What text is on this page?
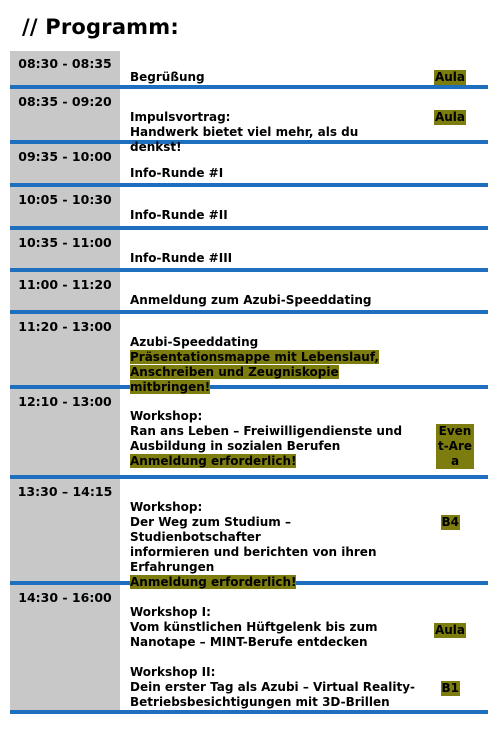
// Programm:
08:30 - 08:35
Begrüßung	Aula
08:35 - 09:20
Impulsvortrag:
Handwerk bietet viel mehr, als du denkst!
Aula
09:35 - 10:00
Info-Runde #I
10:05 - 10:30
Info-Runde #II
10:35 - 11:00
Info-Runde #III
11:00 - 11:20
Anmeldung zum Azubi-Speeddating
11:20 - 13:00
Azubi-Speeddating
Präsentationsmappe mit Lebenslauf,
Anschreiben und Zeugniskopie mitbringen!
12:10 - 13:00
Workshop:
Ran ans Leben – Freiwilligendienste und
Ausbildung in sozialen Berufen
Anmeldung erforderlich!
Event-Area
13:30 – 14:15
Workshop:
Der Weg zum Studium – Studienbotschafter
informieren und berichten von ihren
Erfahrungen
Anmeldung erforderlich!
B4
14:30 - 16:00
Workshop I:
Vom künstlichen Hüftgelenk bis zum
Nanotape – MINT-Berufe entdecken
Workshop II:
Dein erster Tag als Azubi – Virtual Reality-
Betriebsbesichtigungen mit 3D-Brillen
Aula
B1
